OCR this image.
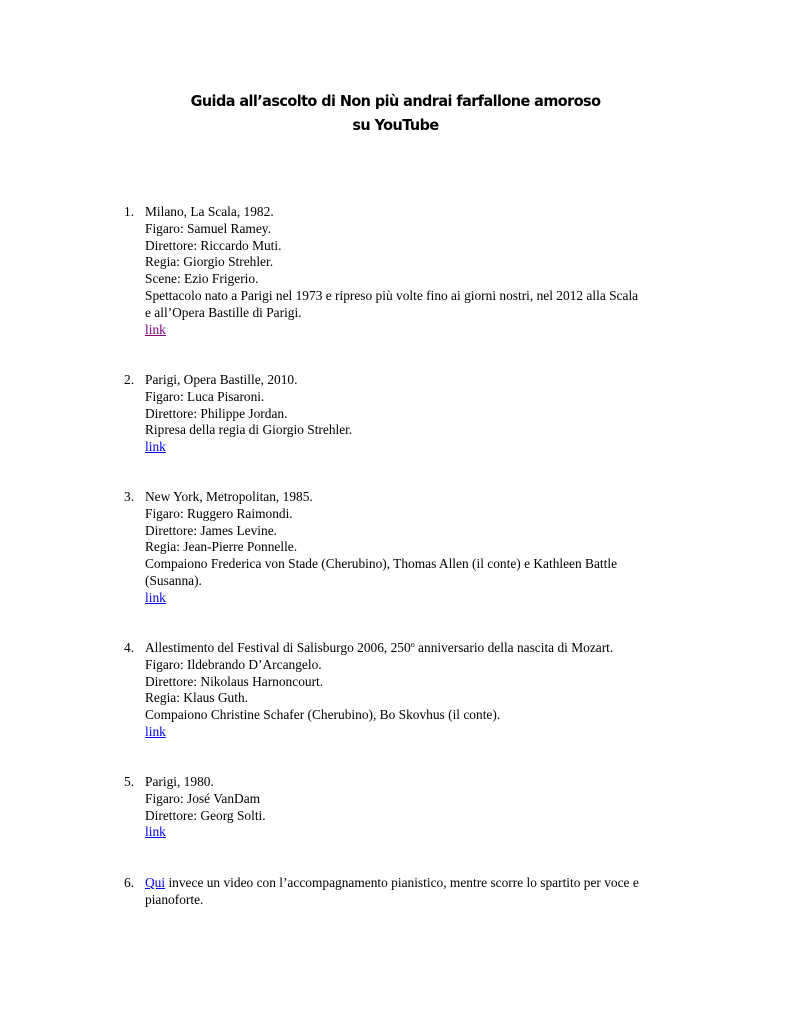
Guida all’ascolto di Non più andrai farfallone amoroso
su YouTube
1. Milano, La Scala, 1982.
Figaro: Samuel Ramey.
Direttore: Riccardo Muti.
Regia: Giorgio Strehler.
Scene: Ezio Frigerio.
Spettacolo nato a Parigi nel 1973 e ripreso più volte fino ai giorni nostri, nel 2012 alla Scala
e all’Opera Bastille di Parigi.
link
2. Parigi, Opera Bastille, 2010.
Figaro: Luca Pisaroni.
Direttore: Philippe Jordan.
Ripresa della regia di Giorgio Strehler.
link
3. New York, Metropolitan, 1985.
Figaro: Ruggero Raimondi.
Direttore: James Levine.
Regia: Jean-Pierre Ponnelle.
Compaiono Frederica von Stade (Cherubino), Thomas Allen (il conte) e Kathleen Battle
(Susanna).
link
4. Allestimento del Festival di Salisburgo 2006, 250$^o$ anniversario della nascita di Mozart.
Figaro: Ildebrando D’Arcangelo.
Direttore: Nikolaus Harnoncourt.
Regia: Klaus Guth.
Compaiono Christine Schafer (Cherubino), Bo Skovhus (il conte).
link
5. Parigi, 1980.
Figaro: José VanDam
Direttore: Georg Solti.
link
6. Qui invece un video con l’accompagnamento pianistico, mentre scorre lo spartito per voce e
pianoforte.
